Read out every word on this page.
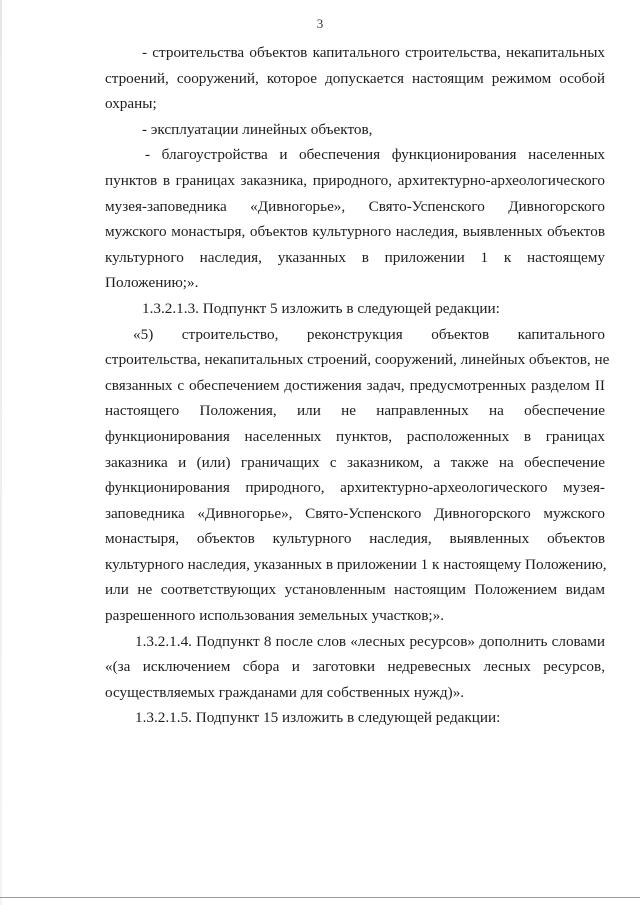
3
- строительства объектов капитального строительства, некапитальных
строений, сооружений, которое допускается настоящим режимом особой
охраны;
- эксплуатации линейных объектов,
- благоустройства и обеспечения функционирования населенных
пунктов в границах заказника, природного, архитектурно-археологического
музея-заповедника «Дивногорье», Свято-Успенского Дивногорского
мужского монастыря, объектов культурного наследия, выявленных объектов
культурного наследия, указанных в приложении 1 к настоящему
Положению;».
1.3.2.1.3. Подпункт 5 изложить в следующей редакции:
«5) строительство, реконструкция объектов капитального
строительства, некапитальных строений, сооружений, линейных объектов, не
связанных с обеспечением достижения задач, предусмотренных разделом II
настоящего Положения, или не направленных на обеспечение
функционирования населенных пунктов, расположенных в границах
заказника и (или) граничащих с заказником, а также на обеспечение
функционирования природного, архитектурно-археологического музея-
заповедника «Дивногорье», Свято-Успенского Дивногорского мужского
монастыря, объектов культурного наследия, выявленных объектов
культурного наследия, указанных в приложении 1 к настоящему Положению,
или не соответствующих установленным настоящим Положением видам
разрешенного использования земельных участков;».
1.3.2.1.4. Подпункт 8 после слов «лесных ресурсов» дополнить словами
«(за исключением сбора и заготовки недревесных лесных ресурсов,
осуществляемых гражданами для собственных нужд)».
1.3.2.1.5. Подпункт 15 изложить в следующей редакции:
